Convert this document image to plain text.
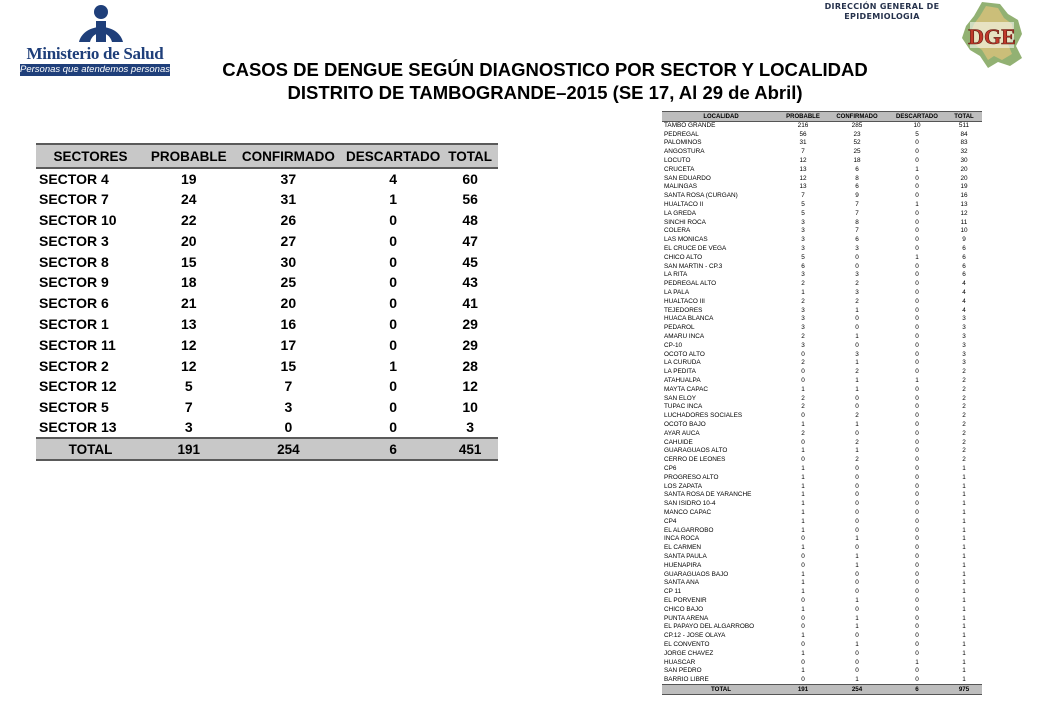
Ministerio de Salud
Personas que atendemos personas
DIRECCIÓN GENERAL DE
EPIDEMIOLOGIA
DGE
CASOS DE DENGUE SEGÚN DIAGNOSTICO POR SECTOR Y LOCALIDAD
DISTRITO DE TAMBOGRANDE–2015 (SE 17, Al 29 de Abril)
SECTORES	PROBABLE	CONFIRMADO	DESCARTADO	TOTAL
SECTOR 4	19	37	4	60
SECTOR 7	24	31	1	56
SECTOR 10	22	26	0	48
SECTOR 3	20	27	0	47
SECTOR 8	15	30	0	45
SECTOR 9	18	25	0	43
SECTOR 6	21	20	0	41
SECTOR 1	13	16	0	29
SECTOR 11	12	17	0	29
SECTOR 2	12	15	1	28
SECTOR 12	5	7	0	12
SECTOR 5	7	3	0	10
SECTOR 13	3	0	0	3
TOTAL	191	254	6	451
LOCALIDAD	PROBABLE	CONFIRMADO	DESCARTADO	TOTAL
TAMBO GRANDE	216	285	10	511
PEDREGAL	56	23	5	84
PALOMINOS	31	52	0	83
ANGOSTURA	7	25	0	32
LOCUTO	12	18	0	30
CRUCETA	13	6	1	20
SAN EDUARDO	12	8	0	20
MALINGAS	13	6	0	19
SANTA ROSA (CURGAN)	7	9	0	16
HUALTACO II	5	7	1	13
LA GREDA	5	7	0	12
SINCHI ROCA	3	8	0	11
COLERA	3	7	0	10
LAS MONICAS	3	6	0	9
EL CRUCE DE VEGA	3	3	0	6
CHICO ALTO	5	0	1	6
SAN MARTIN - CP.3	6	0	0	6
LA RITA	3	3	0	6
PEDREGAL ALTO	2	2	0	4
LA PALA	1	3	0	4
HUALTACO III	2	2	0	4
TEJEDORES	3	1	0	4
HUACA BLANCA	3	0	0	3
PEDAROL	3	0	0	3
AMARU INCA	2	1	0	3
CP-10	3	0	0	3
OCOTO ALTO	0	3	0	3
LA CURUDA	2	1	0	3
LA PEDITA	0	2	0	2
ATAHUALPA	0	1	1	2
MAYTA CAPAC	1	1	0	2
SAN ELOY	2	0	0	2
TUPAC INCA	2	0	0	2
LUCHADORES SOCIALES	0	2	0	2
OCOTO BAJO	1	1	0	2
AYAR AUCA	2	0	0	2
CAHUIDE	0	2	0	2
GUARAGUAOS ALTO	1	1	0	2
CERRO DE LEONES	0	2	0	2
CP6	1	0	0	1
PROGRESO ALTO	1	0	0	1
LOS ZAPATA	1	0	0	1
SANTA ROSA DE YARANCHE	1	0	0	1
SAN ISIDRO 10-4	1	0	0	1
MANCO CAPAC	1	0	0	1
CP4	1	0	0	1
EL ALGARROBO	1	0	0	1
INCA ROCA	0	1	0	1
EL CARMEN	1	0	0	1
SANTA PAULA	0	1	0	1
HUENAPIRA	0	1	0	1
GUARAGUAOS BAJO	1	0	0	1
SANTA ANA	1	0	0	1
CP 11	1	0	0	1
EL PORVENIR	0	1	0	1
CHICO BAJO	1	0	0	1
PUNTA ARENA	0	1	0	1
EL PAPAYO DEL ALGARROBO	0	1	0	1
CP.12 - JOSE OLAYA	1	0	0	1
EL CONVENTO	0	1	0	1
JORGE CHAVEZ	1	0	0	1
HUASCAR	0	0	1	1
SAN PEDRO	1	0	0	1
BARRIO LIBRE	0	1	0	1
TOTAL	191	254	6	975
